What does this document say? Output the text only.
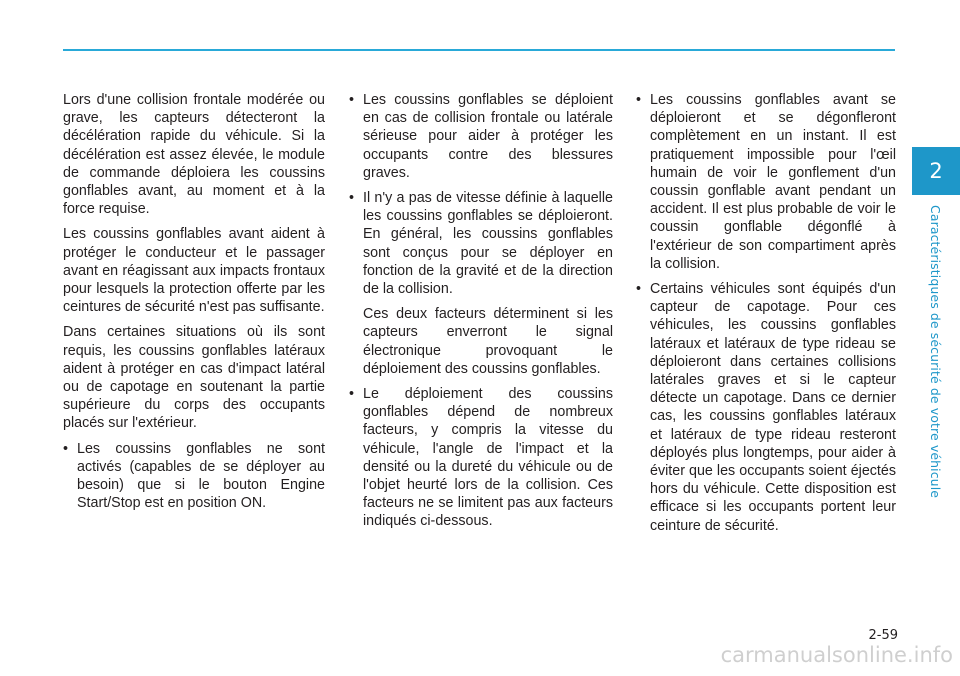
2
Caractéristiques de sécurité de votre véhicule

Lors d'une collision frontale modérée ou grave, les capteurs détecteront la décélération rapide du véhicule. Si la décélération est assez élevée, le module de commande déploiera les coussins gonflables avant, au moment et à la force requise.

Les coussins gonflables avant aident à protéger le conducteur et le passager avant en réagissant aux impacts frontaux pour lesquels la protection offerte par les ceintures de sécurité n'est pas suffisante.

Dans certaines situations où ils sont requis, les coussins gonflables latéraux aident à protéger en cas d'impact latéral ou de capotage en soutenant la partie supérieure du corps des occupants placés sur l'extérieur.

• Les coussins gonflables ne sont activés (capables de se déployer au besoin) que si le bouton Engine Start/Stop est en position ON.
• Les coussins gonflables se déploient en cas de collision frontale ou latérale sérieuse pour aider à protéger les occupants contre des blessures graves.
• Il n'y a pas de vitesse définie à laquelle les coussins gonflables se déploieront. En général, les coussins gonflables sont conçus pour se déployer en fonction de la gravité et de la direction de la collision.

Ces deux facteurs déterminent si les capteurs enverront le signal électronique provoquant le déploiement des coussins gonflables.

• Le déploiement des coussins gonflables dépend de nombreux facteurs, y compris la vitesse du véhicule, l'angle de l'impact et la densité ou la dureté du véhicule ou de l'objet heurté lors de la collision. Ces facteurs ne se limitent pas aux facteurs indiqués ci-dessous.
• Les coussins gonflables avant se déploieront et se dégonfleront complètement en un instant. Il est pratiquement impossible pour l'œil humain de voir le gonflement d'un coussin gonflable avant pendant un accident. Il est plus probable de voir le coussin gonflable dégonflé à l'extérieur de son compartiment après la collision.
• Certains véhicules sont équipés d'un capteur de capotage. Pour ces véhicules, les coussins gonflables latéraux et latéraux de type rideau se déploieront dans certaines collisions latérales graves et si le capteur détecte un capotage. Dans ce dernier cas, les coussins gonflables latéraux et latéraux de type rideau resteront déployés plus longtemps, pour aider à éviter que les occupants soient éjectés hors du véhicule. Cette disposition est efficace si les occupants portent leur ceinture de sécurité.
2-59
carmanualsonline.info
